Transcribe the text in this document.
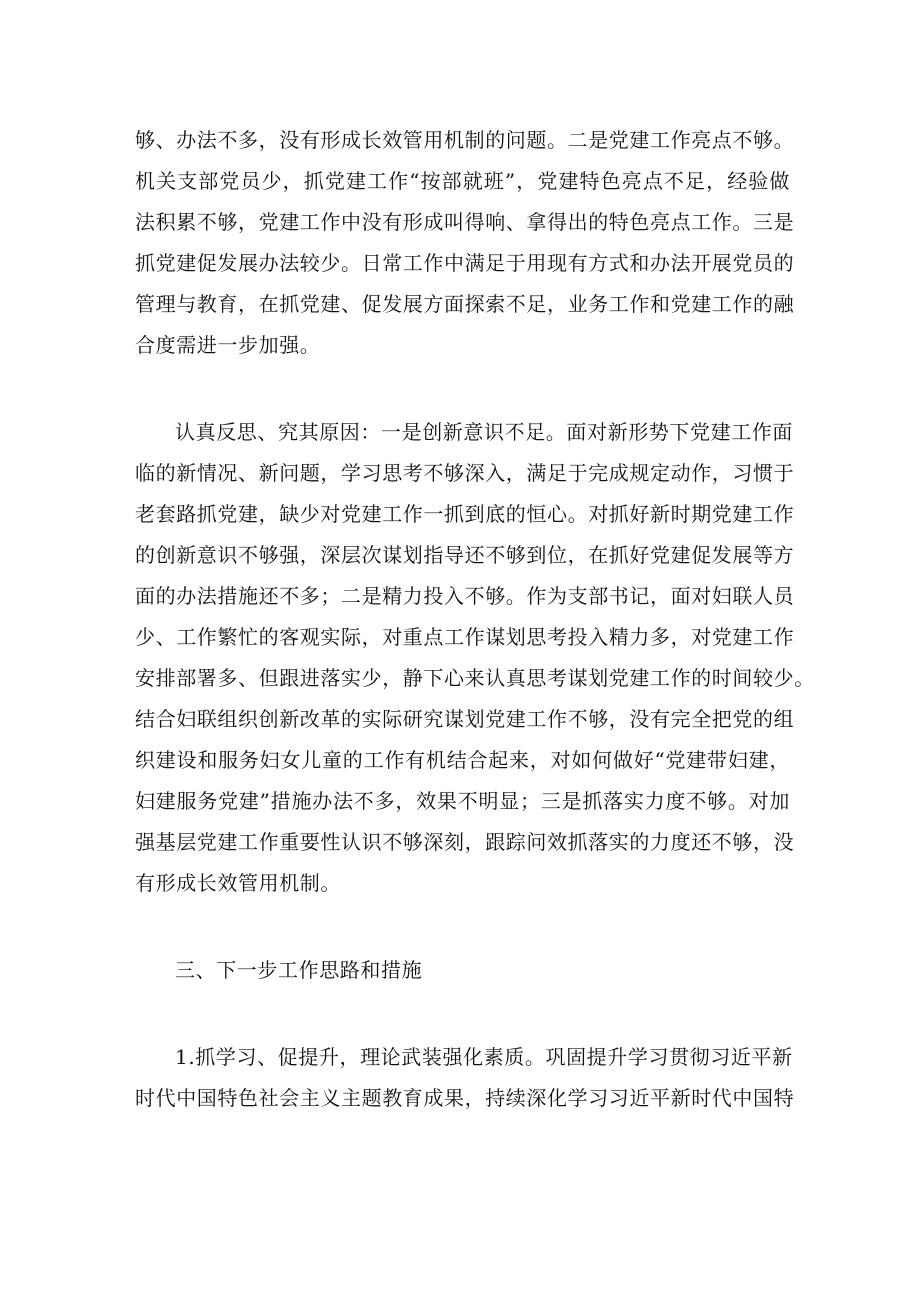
够、办法不多，没有形成长效管用机制的问题。二是党建工作亮点不够。
机关支部党员少，抓党建工作“按部就班”，党建特色亮点不足，经验做
法积累不够，党建工作中没有形成叫得响、拿得出的特色亮点工作。三是
抓党建促发展办法较少。日常工作中满足于用现有方式和办法开展党员的
管理与教育，在抓党建、促发展方面探索不足，业务工作和党建工作的融
合度需进一步加强。
认真反思、究其原因：一是创新意识不足。面对新形势下党建工作面
临的新情况、新问题，学习思考不够深入，满足于完成规定动作，习惯于
老套路抓党建，缺少对党建工作一抓到底的恒心。对抓好新时期党建工作
的创新意识不够强，深层次谋划指导还不够到位，在抓好党建促发展等方
面的办法措施还不多；二是精力投入不够。作为支部书记，面对妇联人员
少、工作繁忙的客观实际，对重点工作谋划思考投入精力多，对党建工作
安排部署多、但跟进落实少，静下心来认真思考谋划党建工作的时间较少。
结合妇联组织创新改革的实际研究谋划党建工作不够，没有完全把党的组
织建设和服务妇女儿童的工作有机结合起来，对如何做好“党建带妇建，
妇建服务党建”措施办法不多，效果不明显；三是抓落实力度不够。对加
强基层党建工作重要性认识不够深刻，跟踪问效抓落实的力度还不够，没
有形成长效管用机制。
三、下一步工作思路和措施
1.抓学习、促提升，理论武装强化素质。巩固提升学习贯彻习近平新
时代中国特色社会主义主题教育成果，持续深化学习习近平新时代中国特
